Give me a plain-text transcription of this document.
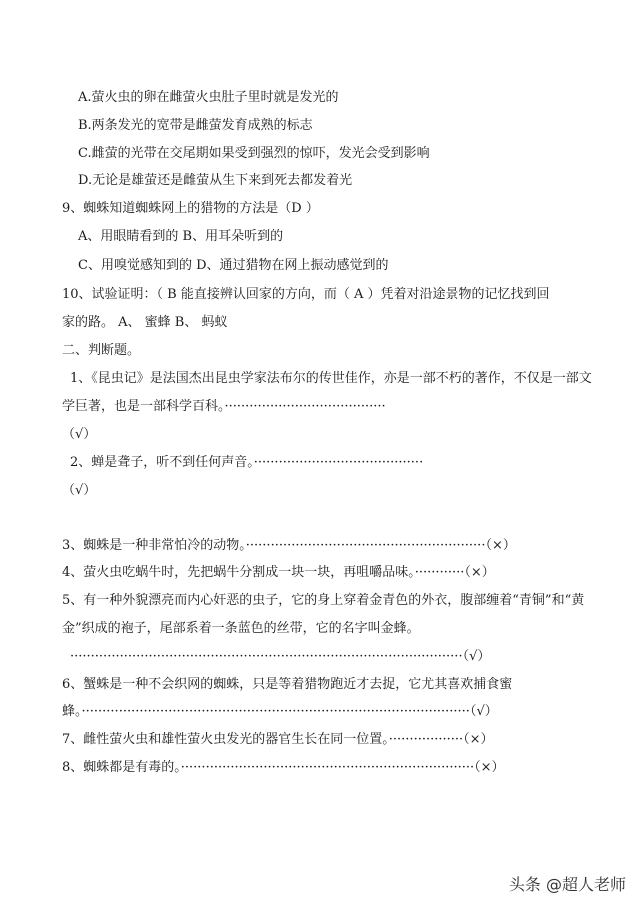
A.萤火虫的卵在雌萤火虫肚子里时就是发光的
B.两条发光的宽带是雌萤发育成熟的标志
C.雌萤的光带在交尾期如果受到强烈的惊吓，发光会受到影响
D.无论是雄萤还是雌萤从生下来到死去都发着光
9、蜘蛛知道蜘蛛网上的猎物的方法是（D ）
A、用眼睛看到的 B、用耳朵听到的
C、用嗅觉感知到的 D、通过猎物在网上振动感觉到的
10、试验证明：（ B 能直接辨认回家的方向，而（ A ）凭着对沿途景物的记忆找到回
家的路。 A、 蜜蜂 B、 蚂蚁
二、判断题。
1、《昆虫记》是法国杰出昆虫学家法布尔的传世佳作，亦是一部不朽的著作，不仅是一部文
学巨著，也是一部科学百科。·······································
（√）
2、蝉是聋子，听不到任何声音。·········································
（√）
3、蜘蛛是一种非常怕冷的动物。··························································（×）
4、萤火虫吃蜗牛时，先把蜗牛分割成一块一块，再咀嚼品味。············（×）
5、有一种外貌漂亮而内心奸恶的虫子，它的身上穿着金青色的外衣，腹部缠着“青铜”和“黄
金”织成的袍子，尾部系着一条蓝色的丝带，它的名字叫金蜂。
·······························································································（√）
6、蟹蛛是一种不会织网的蜘蛛，只是等着猎物跑近才去捉，它尤其喜欢捕食蜜
蜂。······························································································（√）
7、雌性萤火虫和雄性萤火虫发光的器官生长在同一位置。··················（×）
8、蜘蛛都是有毒的。·······································································（×）
头条 @超人老师
